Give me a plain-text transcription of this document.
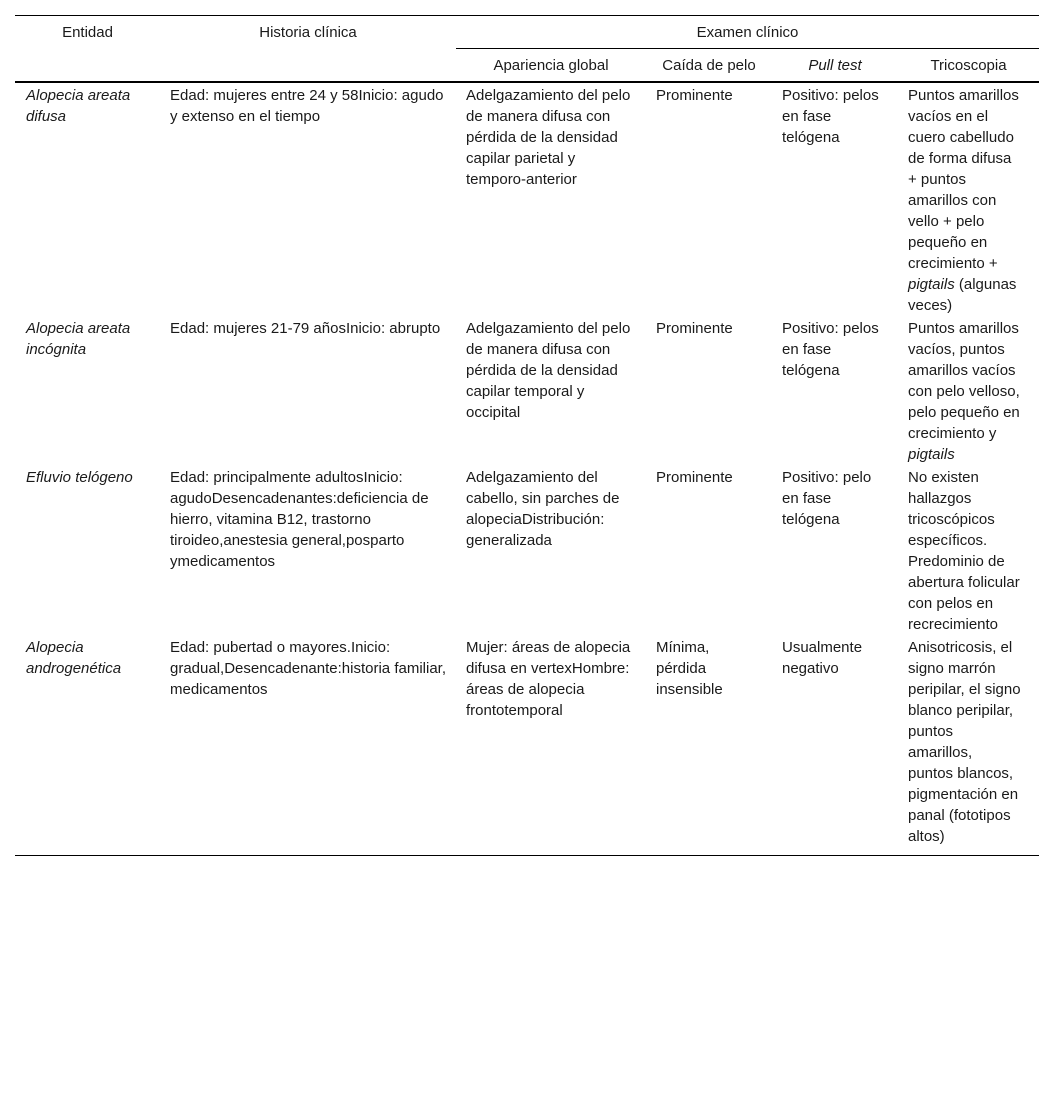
Entidad	Historia clínica	Examen clínico			
		Apariencia global	Caída de pelo	Pull test	Tricoscopia
Alopecia areata difusa	Edad: mujeres entre 24 y 58Inicio: agudo y extenso en el tiempo	Adelgazamiento del pelo de manera difusa con pérdida de la densidad capilar parietal y temporo-anterior	Prominente	Positivo: pelos en fase telógena	Puntos amarillos vacíos en el cuero cabelludo de forma difusa + puntos amarillos con vello + pelo pequeño en crecimiento + pigtails (algunas veces)
Alopecia areata incógnita	Edad: mujeres 21-79 añosInicio: abrupto	Adelgazamiento del pelo de manera difusa con pérdida de la densidad capilar temporal y occipital	Prominente	Positivo: pelos en fase telógena	Puntos amarillos vacíos, puntos amarillos vacíos con pelo velloso, pelo pequeño en crecimiento y pigtails
Efluvio telógeno	Edad: principalmente adultosInicio: agudoDesencadenantes:deficiencia de hierro, vitamina B12, trastorno tiroideo,anestesia general,posparto ymedicamentos	Adelgazamiento del cabello, sin parches de alopeciaDistribución: generalizada	Prominente	Positivo: pelo en fase telógena	No existen hallazgos tricoscópicos específicos. Predominio de abertura folicular con pelos en recrecimiento
Alopecia androgenética	Edad: pubertad o mayores.Inicio: gradual,Desencadenante:historia familiar, medicamentos	Mujer: áreas de alopecia difusa en vertexHombre: áreas de alopecia frontotemporal	Mínima, pérdida insensible	Usualmente negativo	Anisotricosis, el signo marrón peripilar, el signo blanco peripilar, puntos amarillos, puntos blancos, pigmentación en panal (fototipos altos)
